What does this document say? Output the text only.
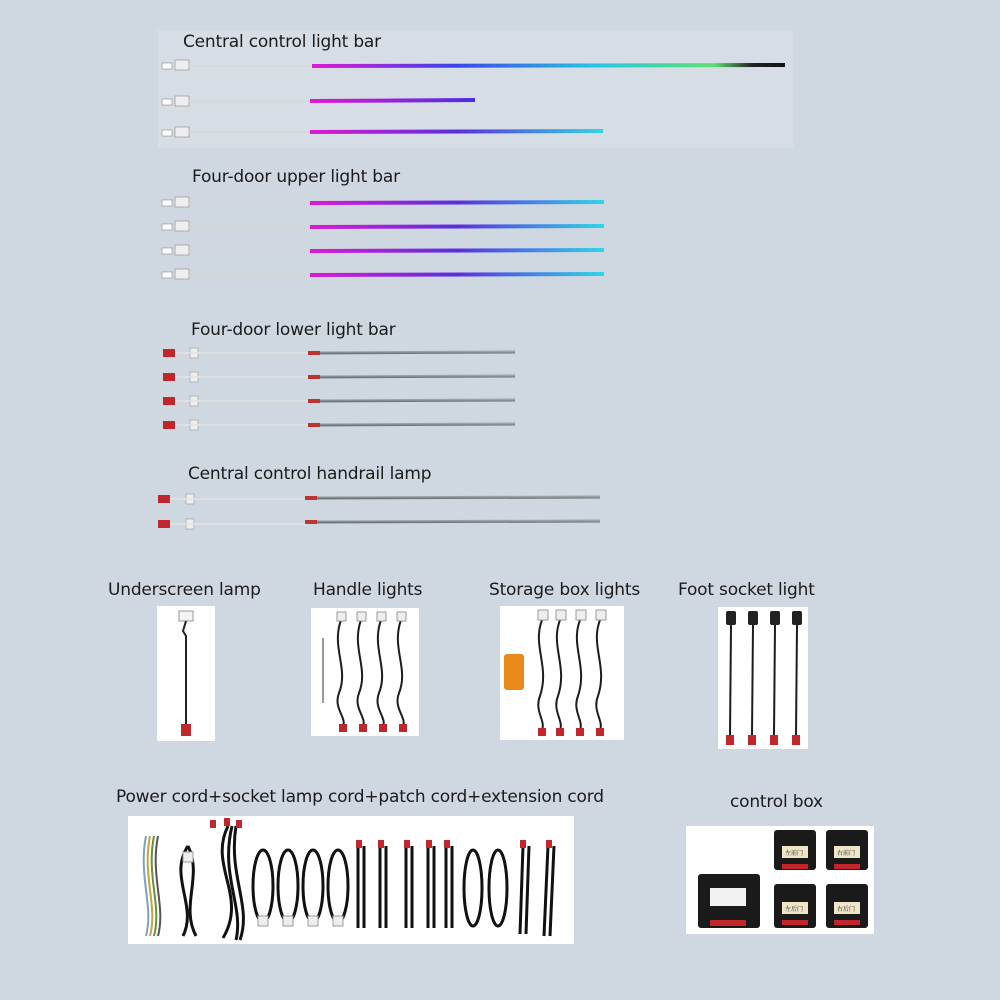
Central control light bar
Four-door upper light bar
Four-door lower light bar
Central control handrail lamp
Underscreen lamp	Handle lights	Storage box lights Foot socket light
Power cord+socket lamp cord+patch cord+extension cord	control box
左前门	右前门
左后门	右后门
